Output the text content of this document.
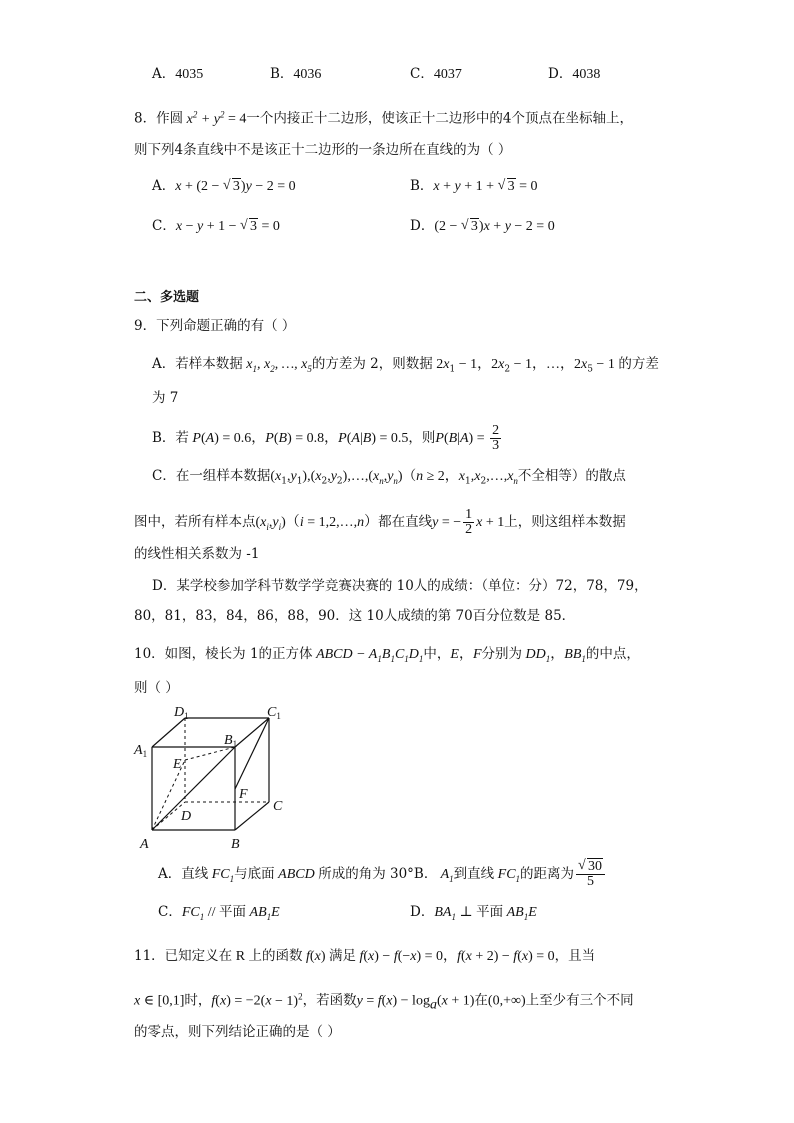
A．4035	B．4036	C．4037	D．4038
8．作圆 $x^2 + y^2 = 4$一个内接正十二边形，使该正十二边形中的4个顶点在坐标轴上，
则下列4条直线中不是该正十二边形的一条边所在直线的为（ ）
A．x + (2 − √ 3)y − 2 = 0	B．x + y + 1 + √ 3 = 0
C．x − y + 1 − √ 3 = 0	D．(2 − √ 3)x + y − 2 = 0
二、多选题
9．下列命题正确的有（ ）
A．若样本数据 $x_1$, $x_2$, …, $x_5$的方差为 2，则数据 $2x_1 - 1$，$2x_2 - 1$，…，$2x_5 - 1$ 的方差
为 7
B．若 P(A) = 0.6，P(B) = 0.8，P(A|B) = 0.5，则$P(B|A) = \frac{2}{3}$
C．在一组样本数据$(x_1,y_1),(x_2,y_2),\dots,(x_n,y_n)(n \ge 2$，$x_1,x_2,\dots,x_n$不全相等）的散点
图中，若所有样本点$(x_i,y_i)(i$ = 1,2,…,n）都在直线y = − $\frac{1}{2}$ x + 1上，则这组样本数据
的线性相关系数为 -1
D．某学校参加学科节数学学竞赛决赛的 10人的成绩：（单位：分）72，78，79，
80，81，83，84，86，88，90．这 10人成绩的第 70百分位数是 85．
10．如图，棱长为 1的正方体 ABCD − $A_1B_1C_1D_1$中，E，F分别为 $DD_1$，$BB_1$的中点，
则（ ）
$D_1$	$C_1$
$A_1$
$B_1$
E
F
D
C
A	B
A．直线 $FC_1$与底面 ABCD 所成的角为 30°B． $A_1$到直线 $FC_1$的距离为
√ $\frac{30}{5}$
C．$FC_1$ // 平面 $AB_1E$	D．$BA_1$ ⊥ 平面 $AB_1E$
11．已知定义在 R 上的函数 f(x) 满足 f(x) − f(−x) = 0，f(x + 2) − f(x) = 0，且当
x ∈ [0,1]时，$f(x) = -2(x - 1)^2$，若函数$y = f(x) - \log_a(x + 1)$在(0,+∞)上至少有三个不同
的零点，则下列结论正确的是（ ）
